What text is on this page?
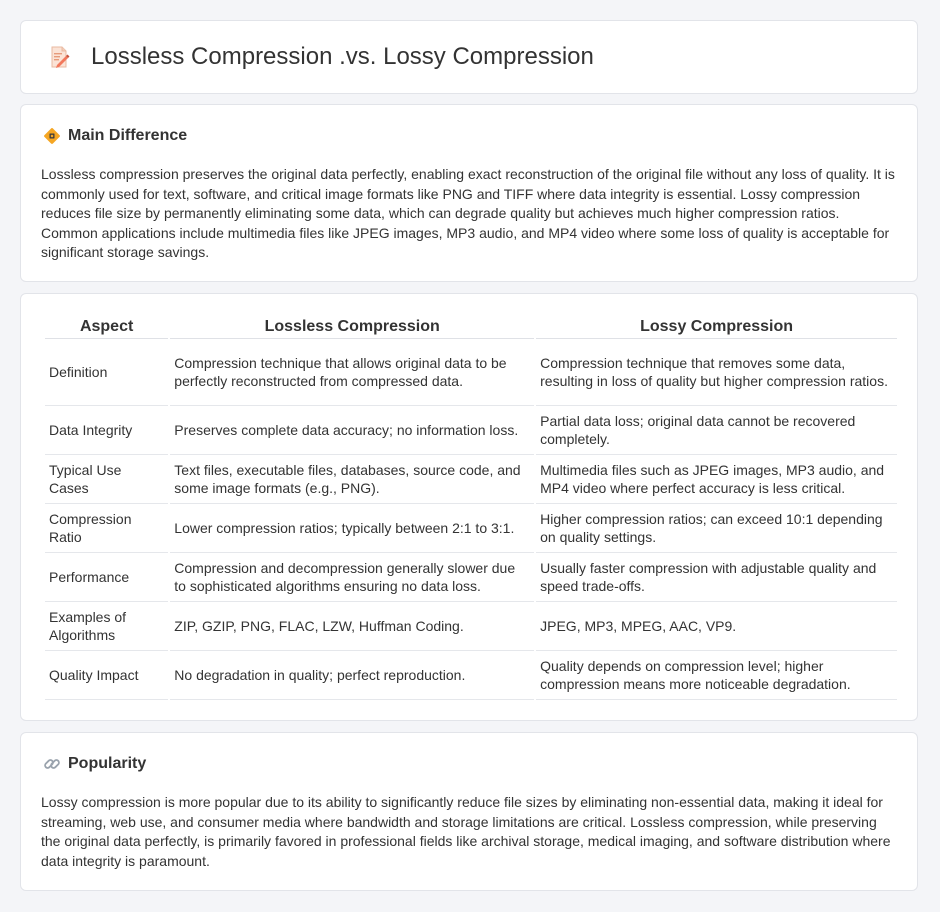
Lossless Compression .vs. Lossy Compression
Main Difference
Lossless compression preserves the original data perfectly, enabling exact reconstruction of the original file without any loss of quality. It is commonly used for text, software, and critical image formats like PNG and TIFF where data integrity is essential. Lossy compression reduces file size by permanently eliminating some data, which can degrade quality but achieves much higher compression ratios. Common applications include multimedia files like JPEG images, MP3 audio, and MP4 video where some loss of quality is acceptable for significant storage savings.
Aspect	Lossless Compression	Lossy Compression
Definition	Compression technique that allows original data to be perfectly reconstructed from compressed data.	Compression technique that removes some data, resulting in loss of quality but higher compression ratios.
Data Integrity	Preserves complete data accuracy; no information loss.	Partial data loss; original data cannot be recovered completely.
Typical Use Cases	Text files, executable files, databases, source code, and some image formats (e.g., PNG).	Multimedia files such as JPEG images, MP3 audio, and MP4 video where perfect accuracy is less critical.
Compression Ratio	Lower compression ratios; typically between 2:1 to 3:1.	Higher compression ratios; can exceed 10:1 depending on quality settings.
Performance	Compression and decompression generally slower due to sophisticated algorithms ensuring no data loss.	Usually faster compression with adjustable quality and speed trade-offs.
Examples of Algorithms	ZIP, GZIP, PNG, FLAC, LZW, Huffman Coding.	JPEG, MP3, MPEG, AAC, VP9.
Quality Impact	No degradation in quality; perfect reproduction.	Quality depends on compression level; higher compression means more noticeable degradation.
Popularity
Lossy compression is more popular due to its ability to significantly reduce file sizes by eliminating non-essential data, making it ideal for streaming, web use, and consumer media where bandwidth and storage limitations are critical. Lossless compression, while preserving the original data perfectly, is primarily favored in professional fields like archival storage, medical imaging, and software distribution where data integrity is paramount.
